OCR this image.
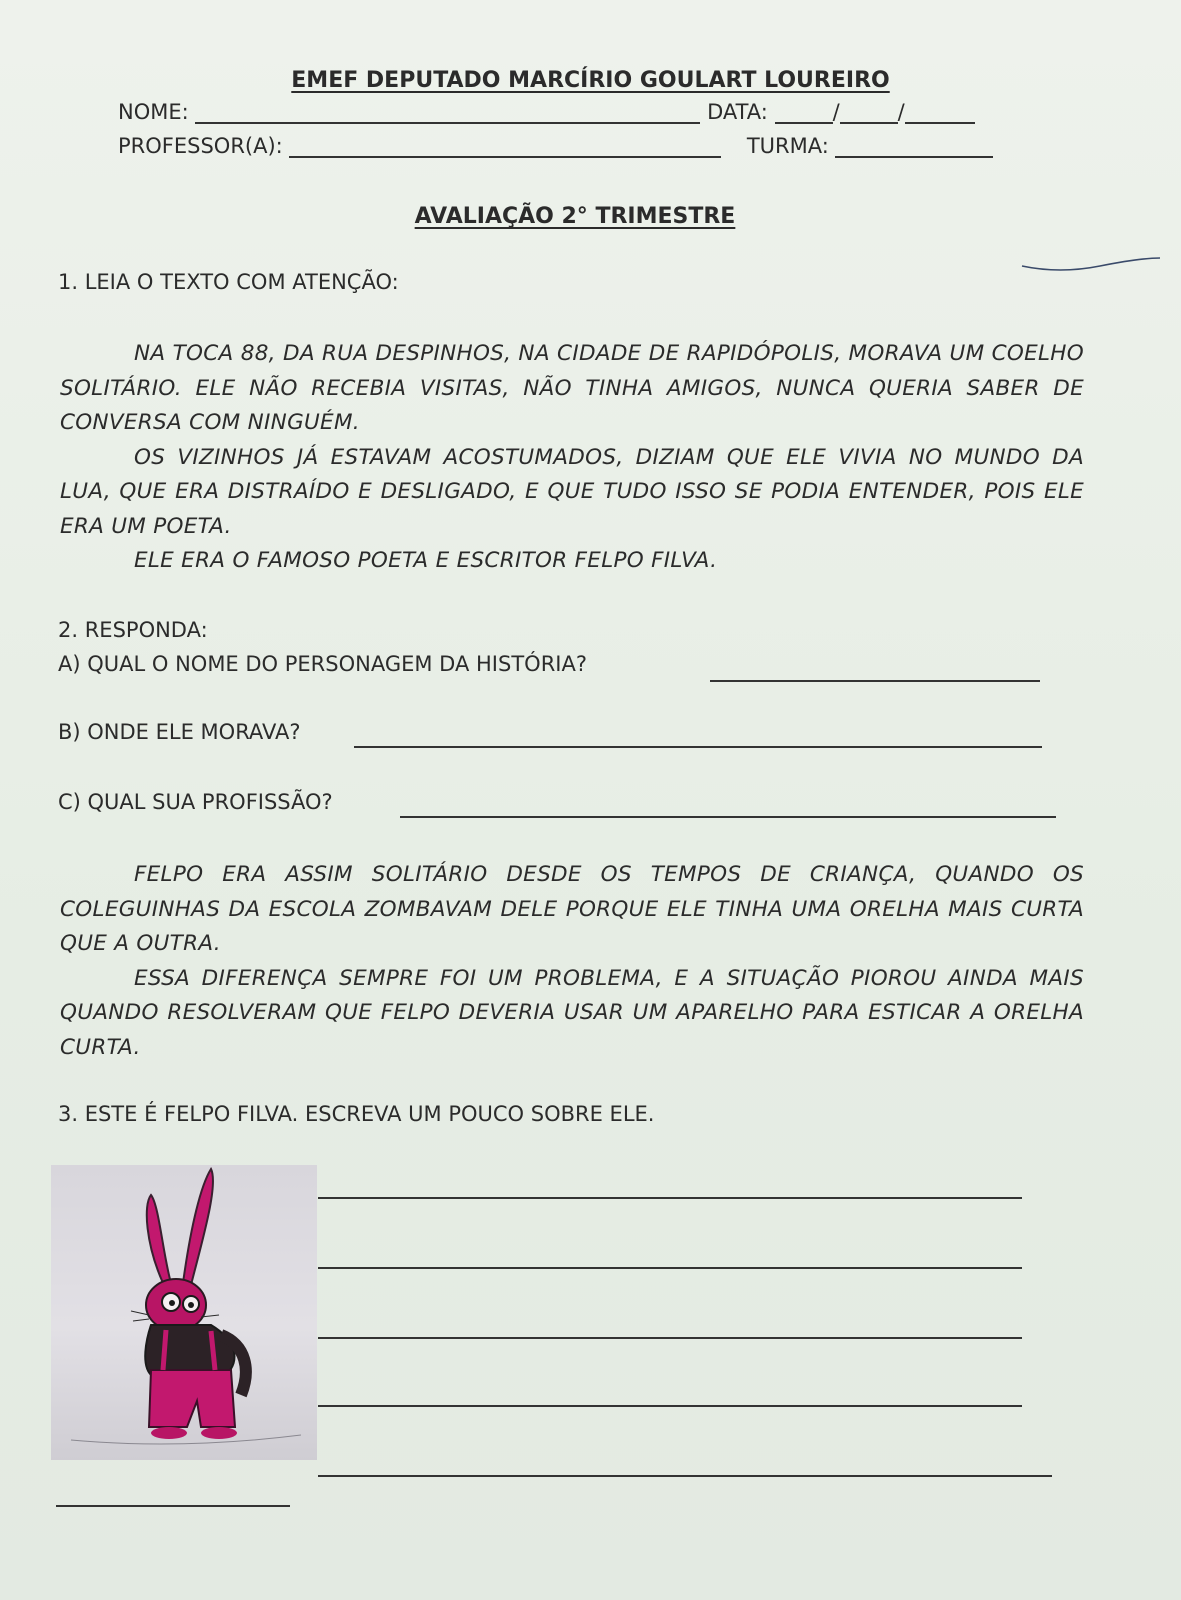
EMEF DEPUTADO MARCÍRIO GOULART LOUREIRO
NOME:	DATA:	/	/
PROFESSOR(A):	TURMA:
AVALIAÇÃO 2° TRIMESTRE
1. LEIA O TEXTO COM ATENÇÃO:

NA TOCA 88, DA RUA DESPINHOS, NA CIDADE DE RAPIDÓPOLIS, MORAVA UM COELHO SOLITÁRIO. ELE NÃO RECEBIA VISITAS, NÃO TINHA AMIGOS, NUNCA QUERIA SABER DE CONVERSA COM NINGUÉM.

OS VIZINHOS JÁ ESTAVAM ACOSTUMADOS, DIZIAM QUE ELE VIVIA NO MUNDO DA LUA, QUE ERA DISTRAÍDO E DESLIGADO, E QUE TUDO ISSO SE PODIA ENTENDER, POIS ELE ERA UM POETA.

ELE ERA O FAMOSO POETA E ESCRITOR FELPO FILVA.

2. RESPONDA:
A) QUAL O NOME DO PERSONAGEM DA HISTÓRIA?
B) ONDE ELE MORAVA?
C) QUAL SUA PROFISSÃO?

FELPO ERA ASSIM SOLITÁRIO DESDE OS TEMPOS DE CRIANÇA, QUANDO OS COLEGUINHAS DA ESCOLA ZOMBAVAM DELE PORQUE ELE TINHA UMA ORELHA MAIS CURTA QUE A OUTRA.

ESSA DIFERENÇA SEMPRE FOI UM PROBLEMA, E A SITUAÇÃO PIOROU AINDA MAIS QUANDO RESOLVERAM QUE FELPO DEVERIA USAR UM APARELHO PARA ESTICAR A ORELHA CURTA.

3. ESTE É FELPO FILVA. ESCREVA UM POUCO SOBRE ELE.
